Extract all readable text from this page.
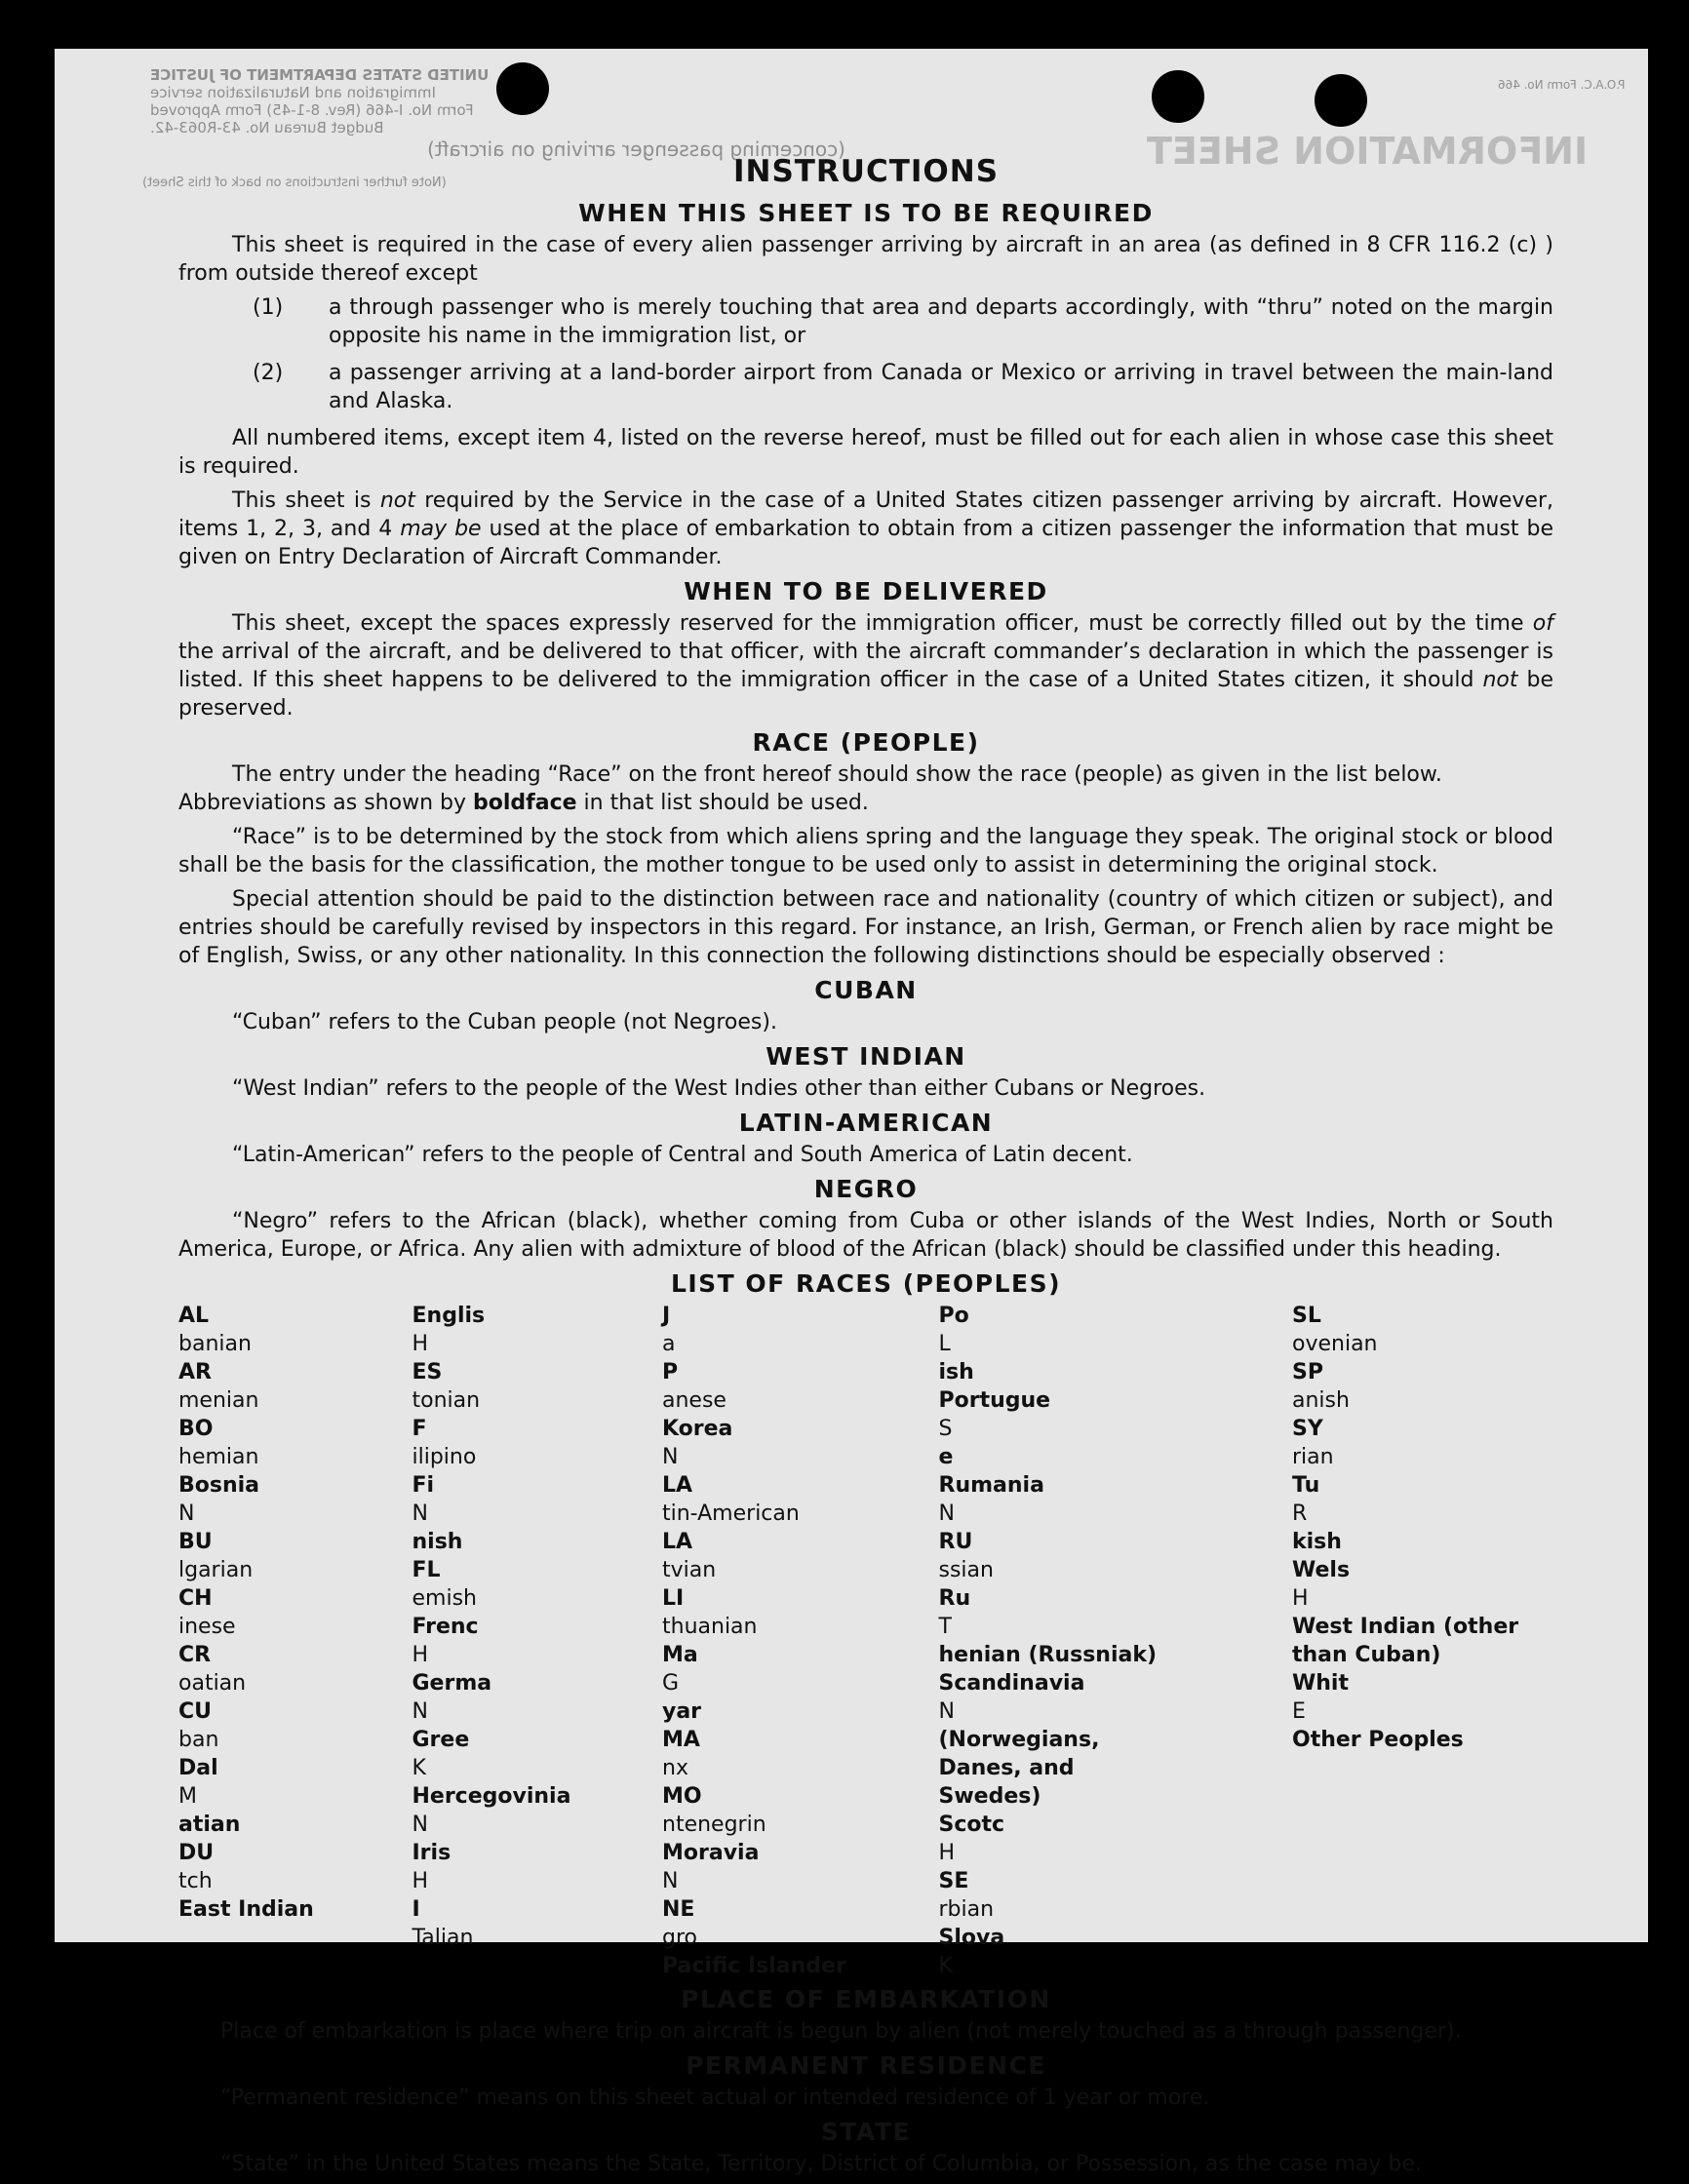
UNITED STATES DEPARTMENT OF JUSTICE
Immigration and Naturalization service
Form No. I-466 (Rev. 8-1-45) Form Approved
Budget Bureau No. 43-R063-42.
(concerning passenger arriving on aircraft)
(Note further instructions on back of this Sheet)
P.O.A.C. Form No. 466
INFORMATION SHEET
INSTRUCTIONS
WHEN THIS SHEET IS TO BE REQUIRED

This sheet is required in the case of every alien passenger arriving by aircraft in an area (as defined in 8 CFR 116.2 (c) ) from outside thereof except

(1)	a through passenger who is merely touching that area and departs accordingly, with “thru” noted on the margin opposite his name in the immigration list, or
(2)	a passenger arriving at a land-border airport from Canada or Mexico or arriving in travel between the main-land and Alaska.

All numbered items, except item 4, listed on the reverse hereof, must be filled out for each alien in whose case this sheet is required.

This sheet is not required by the Service in the case of a United States citizen passenger arriving by aircraft. However, items 1, 2, 3, and 4 may be used at the place of embarkation to obtain from a citizen passenger the information that must be given on Entry Declaration of Aircraft Commander.

WHEN TO BE DELIVERED

This sheet, except the spaces expressly reserved for the immigration officer, must be correctly filled out by the time of the arrival of the aircraft, and be delivered to that officer, with the aircraft commander’s declaration in which the passenger is listed. If this sheet happens to be delivered to the immigration officer in the case of a United States citizen, it should not be preserved.

RACE (PEOPLE)

The entry under the heading “Race” on the front hereof should show the race (people) as given in the list below.

Abbreviations as shown by boldface in that list should be used.

“Race” is to be determined by the stock from which aliens spring and the language they speak. The original stock or blood shall be the basis for the classification, the mother tongue to be used only to assist in determining the original stock.

Special attention should be paid to the distinction between race and nationality (country of which citizen or subject), and entries should be carefully revised by inspectors in this regard. For instance, an Irish, German, or French alien by race might be of English, Swiss, or any other nationality. In this connection the following distinctions should be especially observed :

CUBAN

“Cuban” refers to the Cuban people (not Negroes).

WEST INDIAN

“West Indian” refers to the people of the West Indies other than either Cubans or Negroes.

LATIN-AMERICAN

“Latin-American” refers to the people of Central and South America of Latin decent.

NEGRO

“Negro” refers to the African (black), whether coming from Cuba or other islands of the West Indies, North or South America, Europe, or Africa. Any alien with admixture of blood of the African (black) should be classified under this heading.

LIST OF RACES (PEOPLES)
AL
banian
AR
menian
BO
hemian
Bosnia
N
BU
lgarian
CH
inese
CR
oatian
CU
ban
Dal
M
atian
DU
tch
East Indian
Englis
H
ES
tonian
F
ilipino
Fi
N
nish
FL
emish
Frenc
H
Germa
N
Gree
K
Hercegovinia
N
Iris
H
I
Talian
J
a
P
anese
Korea
N
LA
tin-American
LA
tvian
LI
thuanian
Ma
G
yar
MA
nx
MO
ntenegrin
Moravia
N
NE
gro
Pacific Islander
Po
L
ish
Portugue
S
e
Rumania
N
RU
ssian
Ru
T
henian (Russniak)
Scandinavia
N
(Norwegians,
Danes, and
Swedes)
Scotc
H
SE
rbian
Slova
K
SL
ovenian
SP
anish
SY
rian
Tu
R
kish
Wels
H
West Indian (other
than Cuban)
Whit
E
Other Peoples
PLACE OF EMBARKATION

Place of embarkation is place where trip on aircraft is begun by alien (not merely touched as a through passenger).

PERMANENT RESIDENCE

“Permanent residence” means on this sheet actual or intended residence of 1 year or more.

STATE

“State” in the United States means the State, Territory, District of Columbia, or Possession, as the case may be.
